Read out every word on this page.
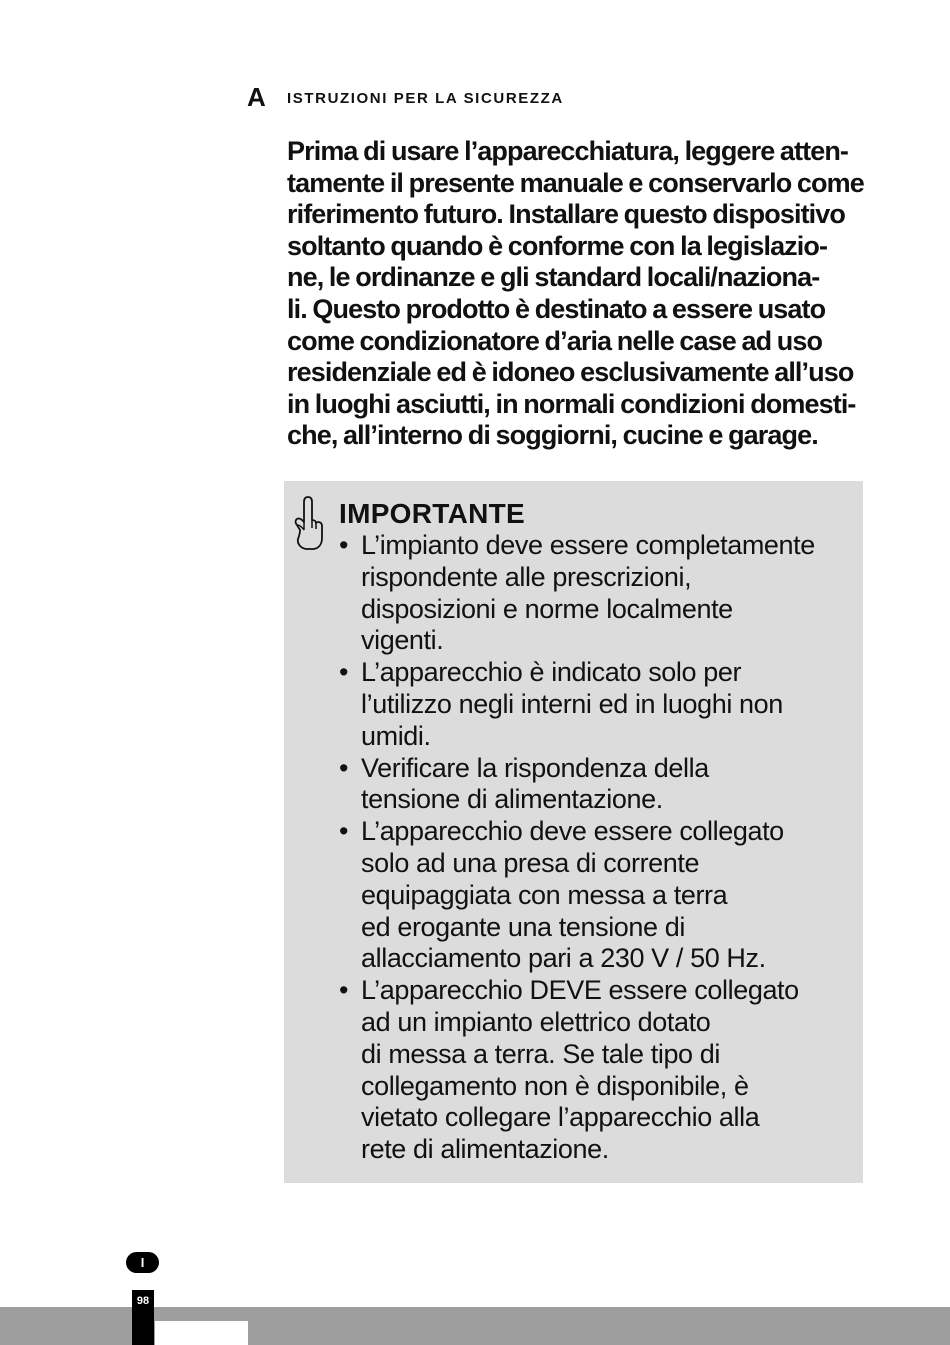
A ISTRUZIONI PER LA SICUREZZA

Prima di usare l’apparecchiatura, leggere atten-
tamente il presente manuale e conservarlo come
riferimento futuro. Installare questo dispositivo
soltanto quando è conforme con la legislazio-
ne, le ordinanze e gli standard locali/naziona-
li. Questo prodotto è destinato a essere usato
come condizionatore d’aria nelle case ad uso
residenziale ed è idoneo esclusivamente all’uso
in luoghi asciutti, in normali condizioni domesti-
che, all’interno di soggiorni, cucine e garage.

IMPORTANTE
• L’impianto deve essere completamente
rispondente alle prescrizioni,
disposizioni e norme localmente
vigenti.
• L’apparecchio è indicato solo per
l’utilizzo negli interni ed in luoghi non
umidi.
• Verificare la rispondenza della
tensione di alimentazione.
• L’apparecchio deve essere collegato
solo ad una presa di corrente
equipaggiata con messa a terra
ed erogante una tensione di
allacciamento pari a 230 V / 50 Hz.
• L’apparecchio DEVE essere collegato
ad un impianto elettrico dotato
di messa a terra. Se tale tipo di
collegamento non è disponibile, è
vietato collegare l’apparecchio alla
rete di alimentazione.
I
98
